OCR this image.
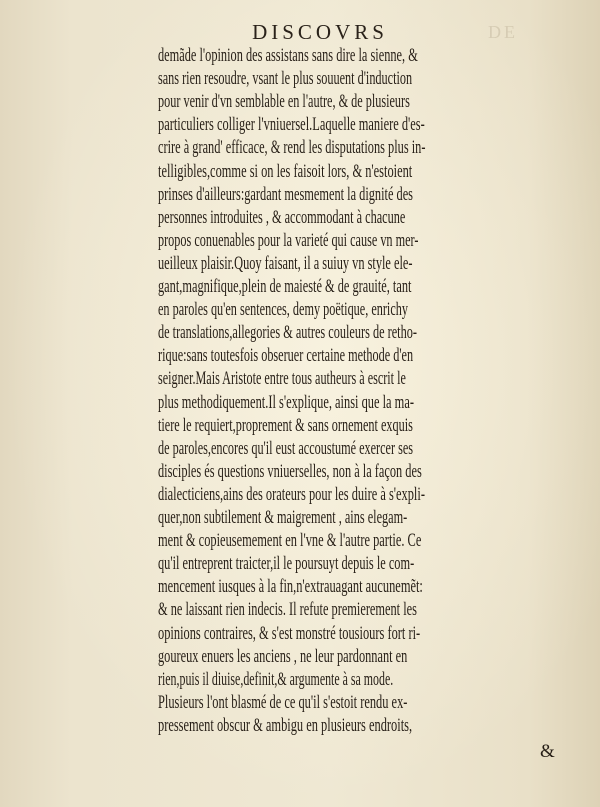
DE
DISCOVRS
demãde l'opinion des assistans sans dire la sienne, &
sans rien resoudre, vsant le plus souuent d'induction
pour venir d'vn semblable en l'autre, & de plusieurs
particuliers colliger l'vniuersel.Laquelle maniere d'es-
crire à grand' efficace, & rend les disputations plus in-
telligibles,comme si on les faisoit lors, & n'estoient
prinses d'ailleurs:gardant mesmement la dignité des
personnes introduites , & accommodant à chacune
propos conuenables pour la varieté qui cause vn mer-
ueilleux plaisir.Quoy faisant, il a suiuy vn style ele-
gant,magnifique,plein de maiesté & de grauité, tant
en paroles qu'en sentences, demy poëtique, enrichy
de translations,allegories & autres couleurs de retho-
rique:sans toutesfois obseruer certaine methode d'en
seigner.Mais Aristote entre tous autheurs à escrit le
plus methodiquement.Il s'explique, ainsi que la ma-
tiere le requiert,proprement & sans ornement exquis
de paroles,encores qu'il eust accoustumé exercer ses
disciples és questions vniuerselles, non à la façon des
dialecticiens,ains des orateurs pour les duire à s'expli-
quer,non subtilement & maigrement , ains elegam-
ment & copieusemement en l'vne & l'autre partie. Ce
qu'il entreprent traicter,il le poursuyt depuis le com-
mencement iusques à la fin,n'extrauagant aucunemẽt:
& ne laissant rien indecis. Il refute premierement les
opinions contraires, & s'est monstré tousiours fort ri-
goureux enuers les anciens , ne leur pardonnant en
rien,puis il diuise,definit,& argumente à sa mode.
Plusieurs l'ont blasmé de ce qu'il s'estoit rendu ex-
pressement obscur & ambigu en plusieurs endroits,
&
